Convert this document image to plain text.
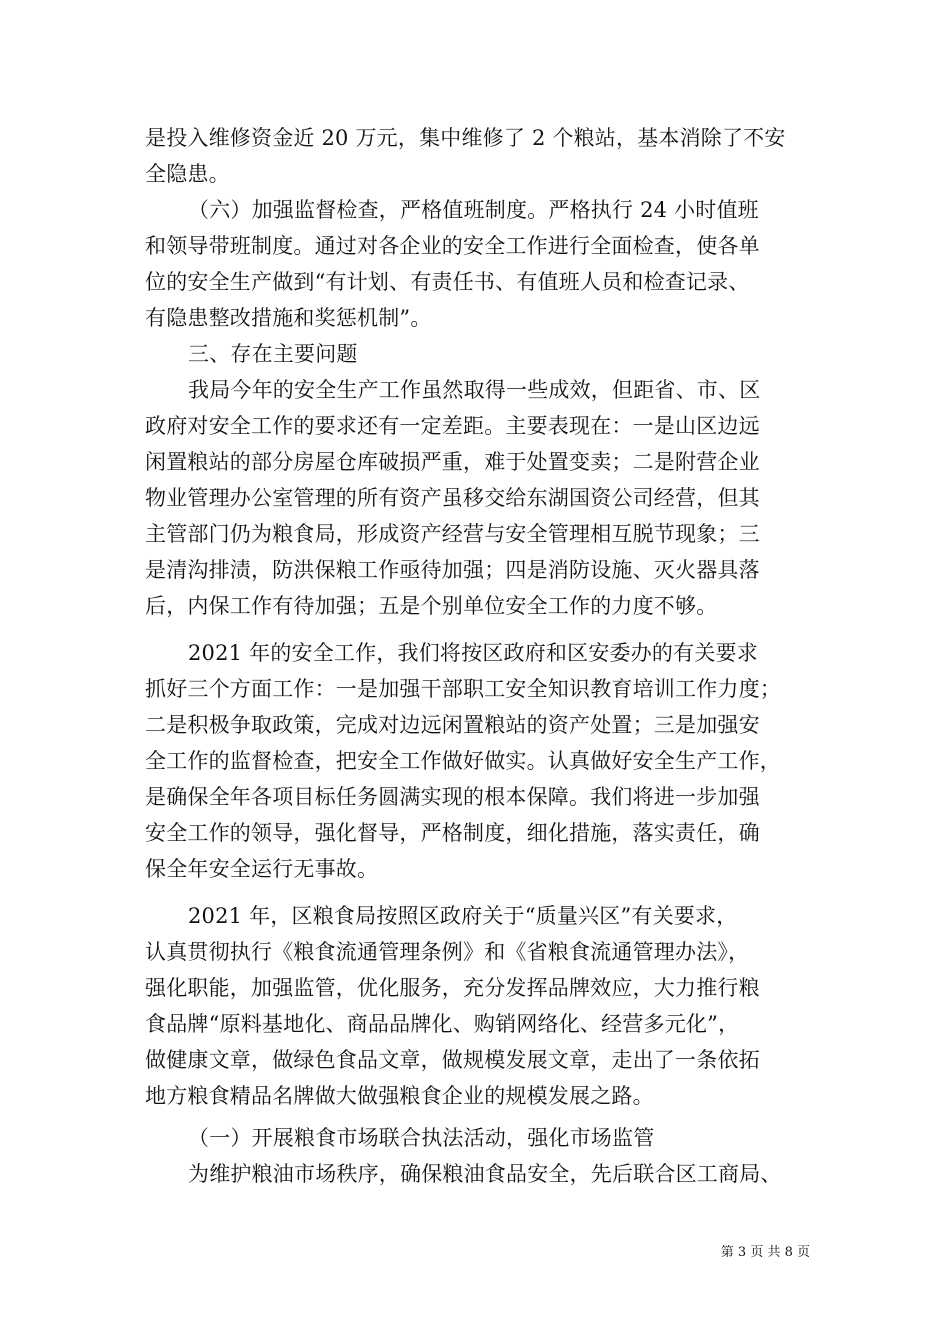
是投入维修资金近 20 万元，集中维修了 2 个粮站，基本消除了不安
全隐患。
（六）加强监督检查，严格值班制度。严格执行 24 小时值班
和领导带班制度。通过对各企业的安全工作进行全面检查，使各单
位的安全生产做到“有计划、有责任书、有值班人员和检查记录、
有隐患整改措施和奖惩机制”。
三、存在主要问题
我局今年的安全生产工作虽然取得一些成效，但距省、市、区
政府对安全工作的要求还有一定差距。主要表现在：一是山区边远
闲置粮站的部分房屋仓库破损严重，难于处置变卖；二是附营企业
物业管理办公室管理的所有资产虽移交给东湖国资公司经营，但其
主管部门仍为粮食局，形成资产经营与安全管理相互脱节现象；三
是清沟排渍，防洪保粮工作亟待加强；四是消防设施、灭火器具落
后，内保工作有待加强；五是个别单位安全工作的力度不够。
2021 年的安全工作，我们将按区政府和区安委办的有关要求
抓好三个方面工作：一是加强干部职工安全知识教育培训工作力度；
二是积极争取政策，完成对边远闲置粮站的资产处置；三是加强安
全工作的监督检查，把安全工作做好做实。认真做好安全生产工作，
是确保全年各项目标任务圆满实现的根本保障。我们将进一步加强
安全工作的领导，强化督导，严格制度，细化措施，落实责任，确
保全年安全运行无事故。
2021 年，区粮食局按照区政府关于“质量兴区”有关要求，
认真贯彻执行《粮食流通管理条例》和《省粮食流通管理办法》，
强化职能，加强监管，优化服务，充分发挥品牌效应，大力推行粮
食品牌“原料基地化、商品品牌化、购销网络化、经营多元化”，
做健康文章，做绿色食品文章，做规模发展文章，走出了一条依拓
地方粮食精品名牌做大做强粮食企业的规模发展之路。
（一）开展粮食市场联合执法活动，强化市场监管
为维护粮油市场秩序，确保粮油食品安全，先后联合区工商局、
第 3 页 共 8 页
